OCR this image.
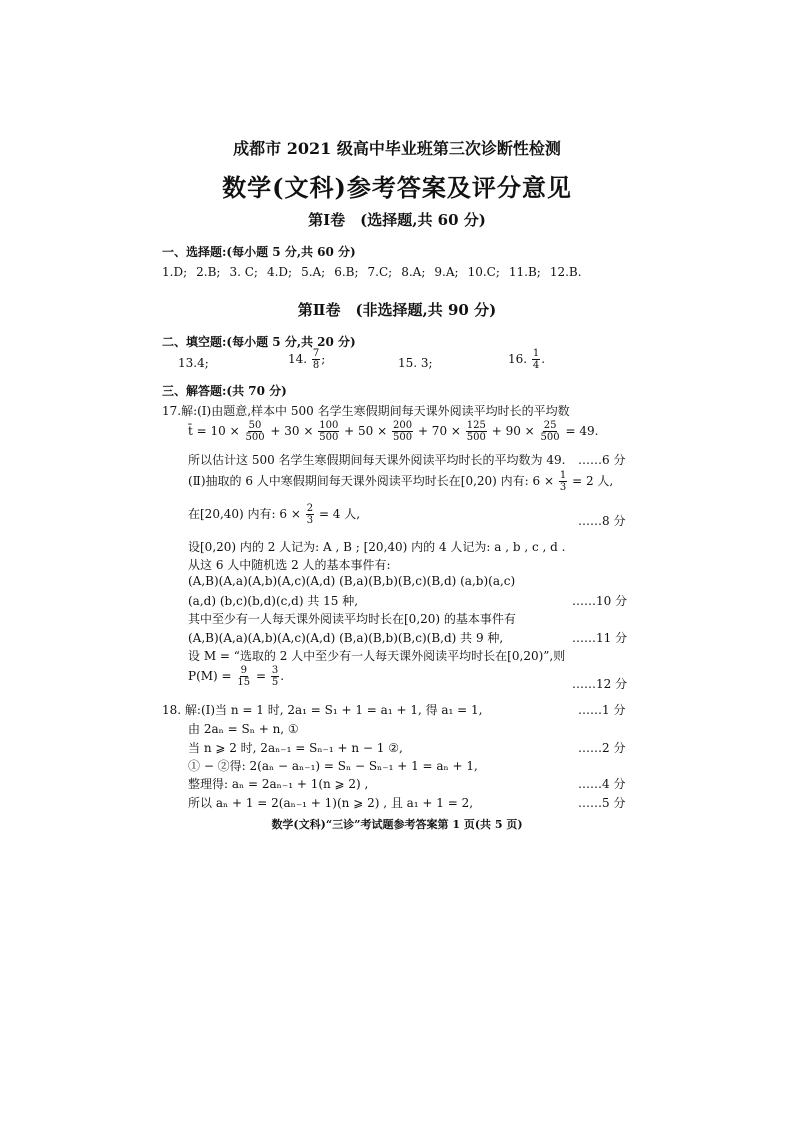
成都市 2021 级高中毕业班第三次诊断性检测
数学(文科)参考答案及评分意见
第Ⅰ卷　(选择题,共 60 分)
一、选择题:(每小题 5 分,共 60 分)
1.D; 2.B; 3. C; 4.D; 5.A; 6.B; 7.C; 8.A; 9.A; 10.C; 11.B; 12.B.
第Ⅱ卷　(非选择题,共 90 分)
二、填空题:(每小题 5 分,共 20 分)
13.4;	14. $\frac{7}{8}$ ;	15. 3;	16. $\frac{1}{4}$ .
三、解答题:(共 70 分)
17.解:(Ⅰ)由题意,样本中 500 名学生寒假期间每天课外阅读平均时长的平均数
t̄ = $10 \times \frac{50}{500} + 30 \times \frac{100}{500} + 50 \times \frac{200}{500} + 70 \times \frac{125}{500} + 90 \times \frac{25}{500} = 49$.
所以估计这 500 名学生寒假期间每天课外阅读平均时长的平均数为 49. ……6 分
(Ⅱ)抽取的 6 人中寒假期间每天课外阅读平均时长在[0,20) 内有: $6 \times \frac{1}{3} = 2$ 人,
在[20,40) 内有: $6 \times \frac{2}{3} = 4$ 人,	……8 分
设[0,20) 内的 2 人记为: A , B ; [20,40) 内的 4 人记为: a , b , c , d .
从这 6 人中随机选 2 人的基本事件有:
(A,B)(A,a)(A,b)(A,c)(A,d) (B,a)(B,b)(B,c)(B,d) (a,b)(a,c)
(a,d) (b,c)(b,d)(c,d) 共 15 种,	……10 分
其中至少有一人每天课外阅读平均时长在[0,20) 的基本事件有
(A,B)(A,a)(A,b)(A,c)(A,d) (B,a)(B,b)(B,c)(B,d) 共 9 种,	……11 分
设 M = “选取的 2 人中至少有一人每天课外阅读平均时长在[0,20)”,则
$P(M) = \frac{9}{15} = \frac{3}{5}$ .
……12 分
18. 解:(Ⅰ)当 n = 1 时, 2a₁ = S₁ + 1 = a₁ + 1, 得 a₁ = 1,	……1 分
由 2aₙ = Sₙ + n, ①
当 n ⩾ 2 时, 2aₙ₋₁ = Sₙ₋₁ + n − 1 ②,	……2 分
① − ②得: 2(aₙ − aₙ₋₁) = Sₙ − Sₙ₋₁ + 1 = aₙ + 1,
整理得: aₙ = 2aₙ₋₁ + 1(n ⩾ 2) ,	……4 分
所以 aₙ + 1 = 2(aₙ₋₁ + 1)(n ⩾ 2) , 且 a₁ + 1 = 2,	……5 分
数学(文科)“三诊”考试题参考答案第 1 页(共 5 页)
